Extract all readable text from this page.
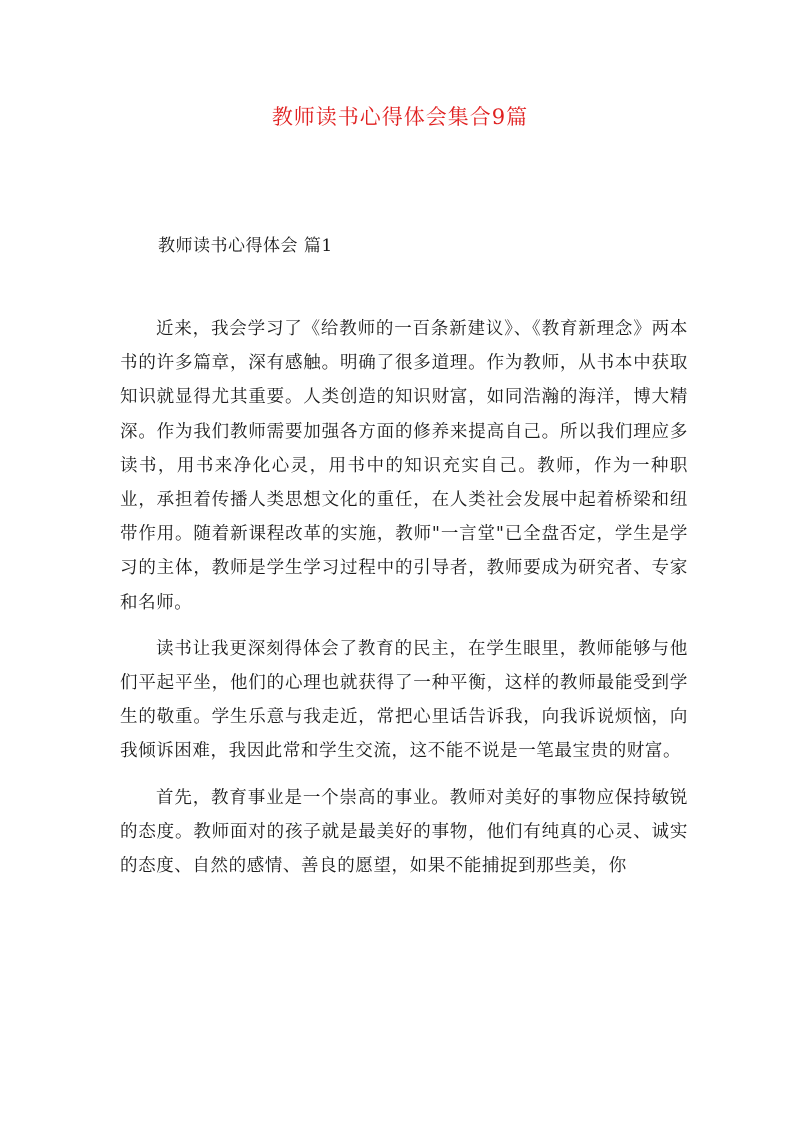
教师读书心得体会集合9篇
教师读书心得体会 篇1

近来，我会学习了《给教师的一百条新建议》、《教育新理念》两本书的许多篇章，深有感触。明确了很多道理。作为教师，从书本中获取知识就显得尤其重要。人类创造的知识财富，如同浩瀚的海洋，博大精深。作为我们教师需要加强各方面的修养来提高自己。所以我们理应多读书，用书来净化心灵，用书中的知识充实自己。教师，作为一种职业，承担着传播人类思想文化的重任，在人类社会发展中起着桥梁和纽带作用。随着新课程改革的实施，教师"一言堂"已全盘否定，学生是学习的主体，教师是学生学习过程中的引导者，教师要成为研究者、专家和名师。

读书让我更深刻得体会了教育的民主，在学生眼里，教师能够与他们平起平坐，他们的心理也就获得了一种平衡，这样的教师最能受到学生的敬重。学生乐意与我走近，常把心里话告诉我，向我诉说烦恼，向我倾诉困难，我因此常和学生交流，这不能不说是一笔最宝贵的财富。

首先，教育事业是一个崇高的事业。教师对美好的事物应保持敏锐的态度。教师面对的孩子就是最美好的事物，他们有纯真的心灵、诚实的态度、自然的感情、善良的愿望，如果不能捕捉到那些美，你
